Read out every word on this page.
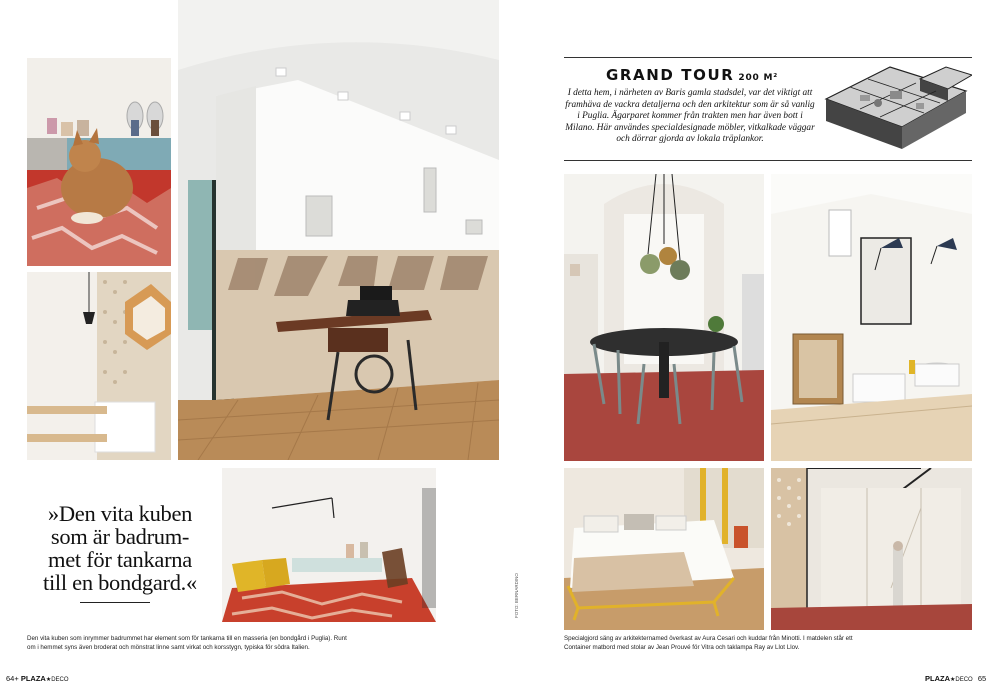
»Den vita kuben som är badrum-met för tankarna till en bondgard.«
Den vita kuben som inrymmer badrummet har element som för tankarna till en masseria (en bondgård i Puglia). Runt om i hemmet syns även broderat och mönstrat linne samt virkat och korsstygn, typiska för södra Italien.
64+ PLAZA★DECO
FOTO: BERNARDINO
GRAND TOUR 200 M²
I detta hem, i närheten av Baris gamla stadsdel, var det viktigt att framhäva de vackra detaljerna och den arkitektur som är så vanlig i Puglia. Ägarparet kommer från trakten men har även bott i Milano. Här användes specialdesignade möbler, vitkalkade väggar och dörrar gjorda av lokala träplankor.
Specialgjord säng av arkitekternamed överkast av Aura Cesari och kuddar från Minotti. I matdelen står ett Container matbord med stolar av Jean Prouvé för Vitra och taklampa Ray av Llot Llov.
PLAZA★DECO 65
